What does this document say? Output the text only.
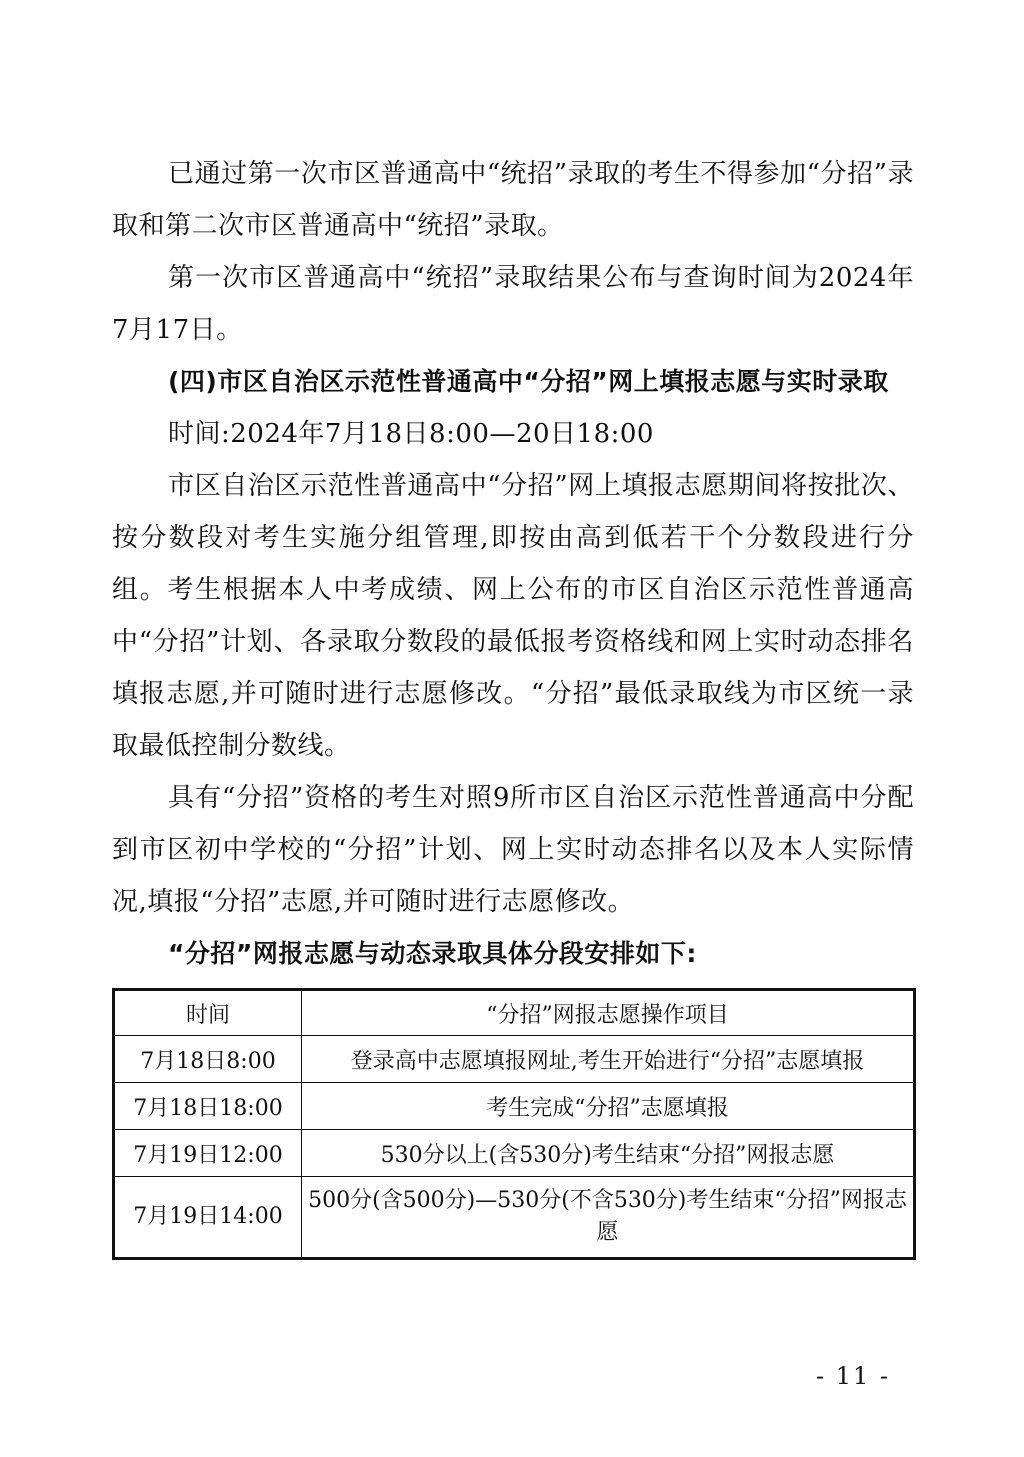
已通过第一次市区普通高中“统招”录取的考生不得参加“分招”录取和第二次市区普通高中“统招”录取。

第一次市区普通高中“统招”录取结果公布与查询时间为2024年7月17日。

(四)市区自治区示范性普通高中“分招”网上填报志愿与实时录取

时间:2024年7月18日8:00—20日18:00

市区自治区示范性普通高中“分招”网上填报志愿期间将按批次、按分数段对考生实施分组管理,即按由高到低若干个分数段进行分组。考生根据本人中考成绩、网上公布的市区自治区示范性普通高中“分招”计划、各录取分数段的最低报考资格线和网上实时动态排名填报志愿,并可随时进行志愿修改。“分招”最低录取线为市区统一录取最低控制分数线。

具有“分招”资格的考生对照9所市区自治区示范性普通高中分配到市区初中学校的“分招”计划、网上实时动态排名以及本人实际情况,填报“分招”志愿,并可随时进行志愿修改。

“分招”网报志愿与动态录取具体分段安排如下:

时间	“分招”网报志愿操作项目
7月18日8:00	登录高中志愿填报网址,考生开始进行“分招”志愿填报
7月18日18:00	考生完成“分招”志愿填报
7月19日12:00	530分以上(含530分)考生结束“分招”网报志愿
7月19日14:00	500分(含500分)—530分(不含530分)考生结束“分招”网报志愿
- 11 -
